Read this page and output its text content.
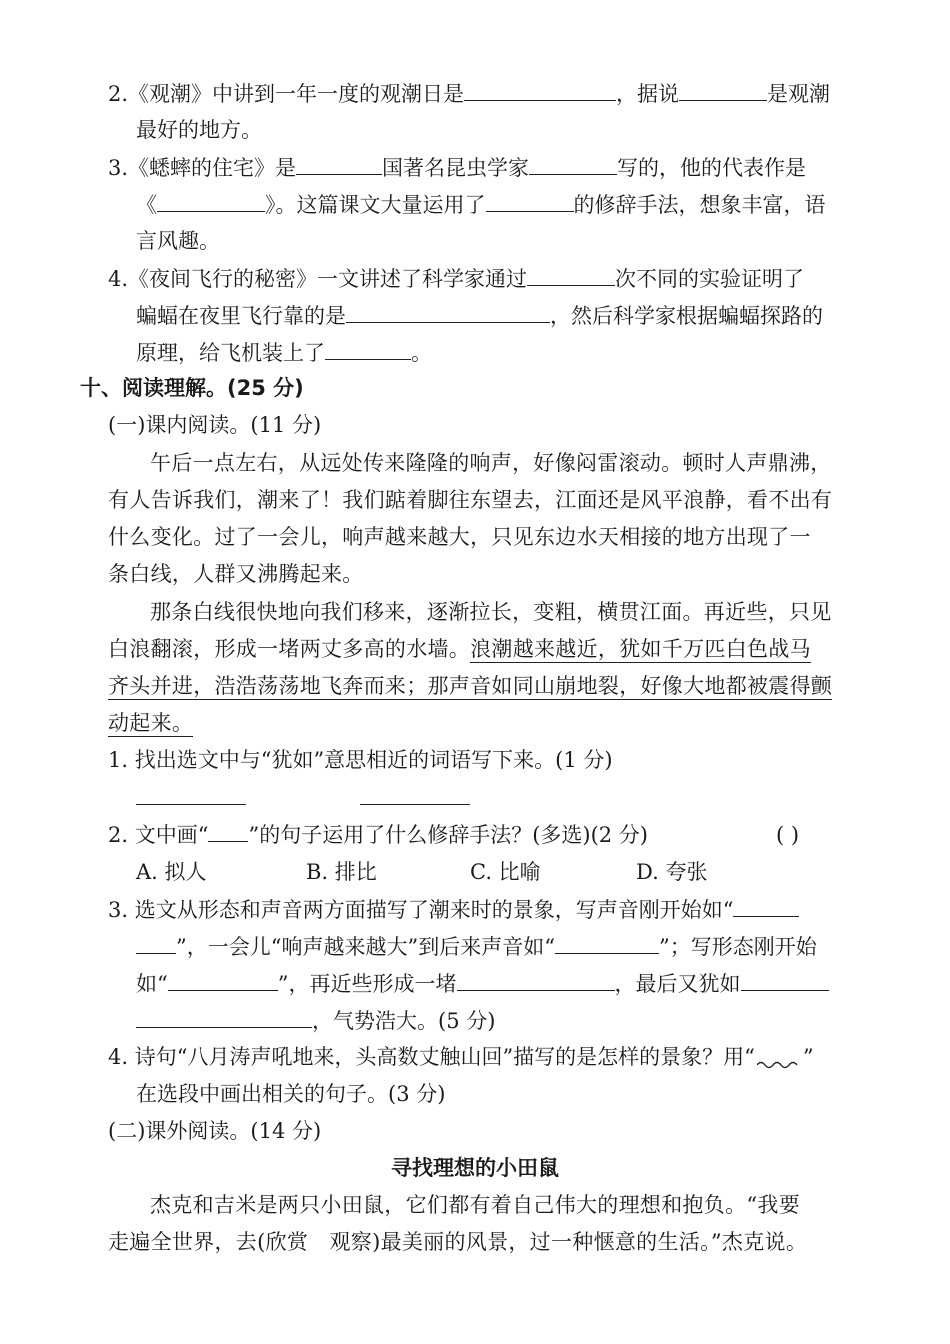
2.《观潮》中讲到一年一度的观潮日是	，据说	是观潮
最好的地方。
3.《蟋蟀的住宅》是	国著名昆虫学家	写的，他的代表作是
《	》。这篇课文大量运用了	的修辞手法，想象丰富，语
言风趣。
4.《夜间飞行的秘密》一文讲述了科学家通过	次不同的实验证明了
蝙蝠在夜里飞行靠的是	，然后科学家根据蝙蝠探路的
原理，给飞机装上了	。
十、阅读理解。(25 分)
(一)课内阅读。(11 分)
午后一点左右，从远处传来隆隆的响声，好像闷雷滚动。顿时人声鼎沸，
有人告诉我们，潮来了！我们踮着脚往东望去，江面还是风平浪静，看不出有
什么变化。过了一会儿，响声越来越大，只见东边水天相接的地方出现了一
条白线，人群又沸腾起来。
那条白线很快地向我们移来，逐渐拉长，变粗，横贯江面。再近些，只见
白浪翻滚，形成一堵两丈多高的水墙。浪潮越来越近，犹如千万匹白色战马
齐头并进，浩浩荡荡地飞奔而来；那声音如同山崩地裂，好像大地都被震得颤
动起来。
1. 找出选文中与“犹如”意思相近的词语写下来。(1 分)
2. 文中画“ ”的句子运用了什么修辞手法？(多选)(2 分)	( )
A. 拟人	B. 排比	C. 比喻	D. 夸张
3. 选文从形态和声音两方面描写了潮来时的景象，写声音刚开始如“
”，一会儿“响声越来越大”到后来声音如“	”；写形态刚开始
如“	”，再近些形成一堵	，最后又犹如
，气势浩大。(5 分)
4. 诗句“八月涛声吼地来，头高数丈触山回”描写的是怎样的景象？用“ ”
在选段中画出相关的句子。(3 分)
(二)课外阅读。(14 分)
寻找理想的小田鼠
杰克和吉米是两只小田鼠，它们都有着自己伟大的理想和抱负。“我要
走遍全世界，去(欣赏　观察)最美丽的风景，过一种惬意的生活。”杰克说。
